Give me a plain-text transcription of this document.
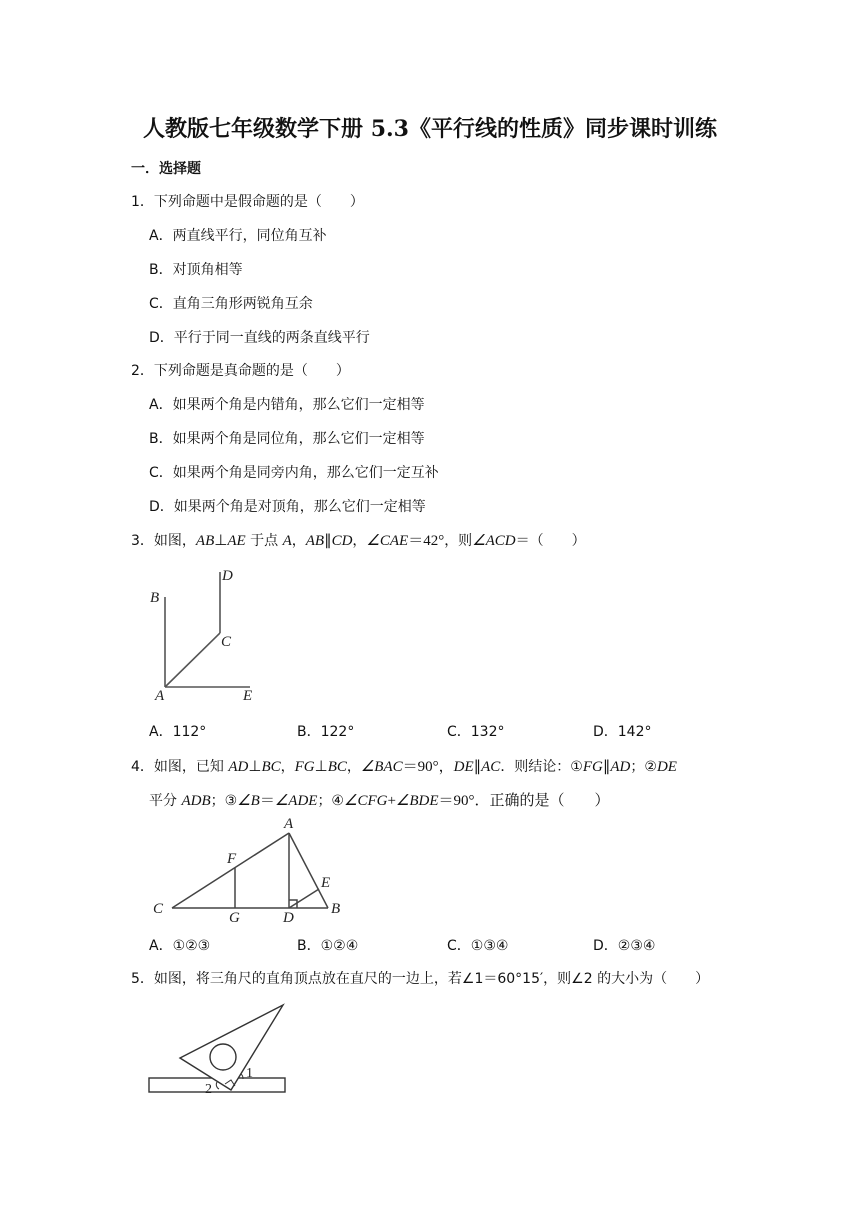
人教版七年级数学下册 5.3《平行线的性质》同步课时训练
一．选择题
1．下列命题中是假命题的是（　　）
A．两直线平行，同位角互补
B．对顶角相等
C．直角三角形两锐角互余
D．平行于同一直线的两条直线平行
2．下列命题是真命题的是（　　）
A．如果两个角是内错角，那么它们一定相等
B．如果两个角是同位角，那么它们一定相等
C．如果两个角是同旁内角，那么它们一定互补
D．如果两个角是对顶角，那么它们一定相等
3．如图，AB⊥AE 于点 A，AB∥CD，∠CAE＝42°，则∠ACD＝（　　）
B
D
C
A	E
A．112°	B．122°	C．132°	D．142°
4．如图，已知 AD⊥BC，FG⊥BC，∠BAC＝90°，DE∥AC．则结论：①FG∥AD；②DE
平分 ADB；③∠B＝∠ADE；④∠CFG+∠BDE＝90°．正确的是（　　）
A
F
E
C
G	D
B
A．①②③	B．①②④	C．①③④	D．②③④
5．如图，将三角尺的直角顶点放在直尺的一边上，若∠1＝60°15′，则∠2 的大小为（　　）
1
2
